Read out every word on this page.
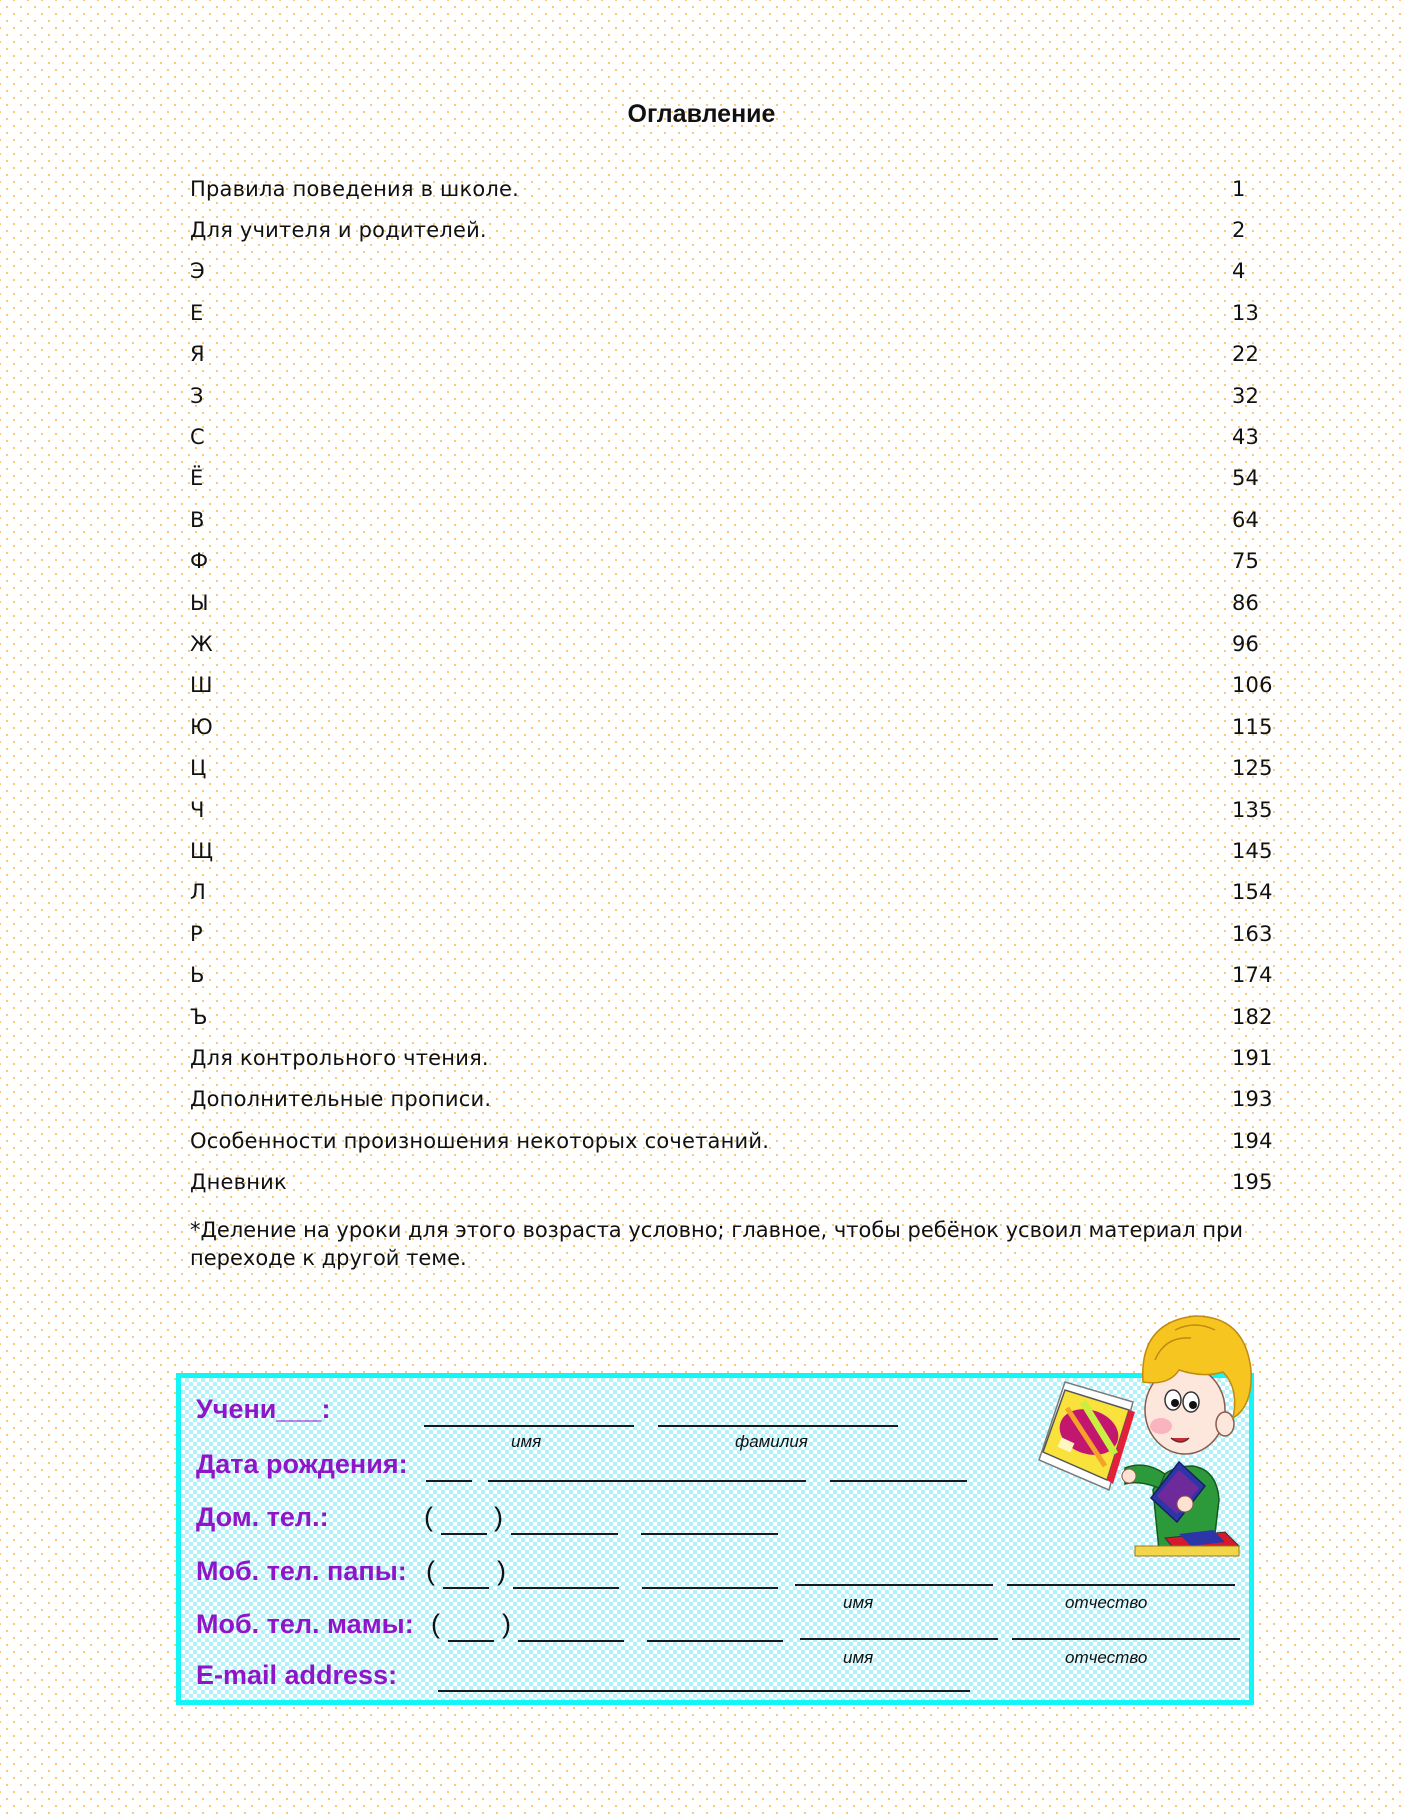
Оглавление
Правила поведения в школе.	1
Для учителя и родителей.	2
Э	4
Е	13
Я	22
З	32
С	43
Ё	54
В	64
Ф	75
Ы	86
Ж	96
Ш	106
Ю	115
Ц	125
Ч	135
Щ	145
Л	154
Р	163
Ь	174
Ъ	182
Для контрольного чтения.	191
Дополнительные прописи.	193
Особенности произношения некоторых сочетаний.	194
Дневник	195
*Деление на уроки для этого возраста условно; главное, чтобы ребёнок усвоил материал при переходе к другой теме.
Учени___:
имя	фамилия
Дата рождения:
Дом. тел.:	( )
Моб. тел. папы: ( )
имя	отчество
Моб. тел. мамы: ( )
имя	отчество
E-mail address:
